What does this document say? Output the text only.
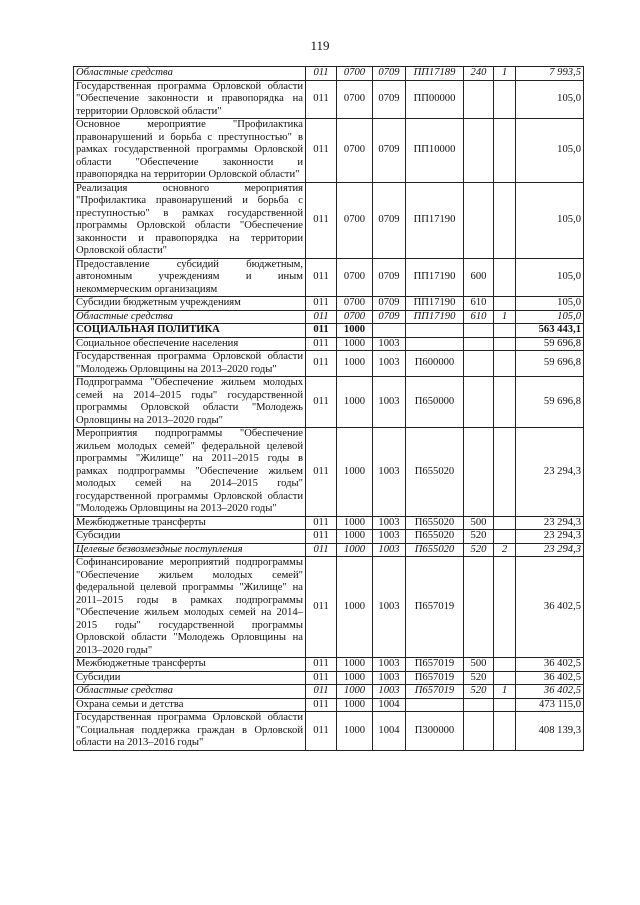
119
Областные средства	011	0700	0709	ПП17189	240	1	7 993,5
Государственная программа Орловской области "Обеспечение законности и правопорядка на территории Орловской области"	011	0700	0709	ПП00000			105,0
Основное мероприятие "Профилактика правонарушений и борьба с преступностью" в рамках государственной программы Орловской области "Обеспечение законности и правопорядка на территории Орловской области"	011	0700	0709	ПП10000			105,0
Реализация основного мероприятия "Профилактика правонарушений и борьба с преступностью" в рамках государственной программы Орловской области "Обеспечение законности и правопорядка на территории Орловской области"	011	0700	0709	ПП17190			105,0
Предоставление субсидий бюджетным, автономным учреждениям и иным некоммерческим организациям	011	0700	0709	ПП17190	600		105,0
Субсидии бюджетным учреждениям	011	0700	0709	ПП17190	610		105,0
Областные средства	011	0700	0709	ПП17190	610	1	105,0
СОЦИАЛЬНАЯ ПОЛИТИКА	011	1000					563 443,1
Социальное обеспечение населения	011	1000	1003				59 696,8
Государственная программа Орловской области "Молодежь Орловщины на 2013–2020 годы"	011	1000	1003	П600000			59 696,8
Подпрограмма "Обеспечение жильем молодых семей на 2014–2015 годы" государственной программы Орловской области "Молодежь Орловщины на 2013–2020 годы"	011	1000	1003	П650000			59 696,8
Мероприятия подпрограммы "Обеспечение жильем молодых семей" федеральной целевой программы "Жилище" на 2011–2015 годы в рамках подпрограммы "Обеспечение жильем молодых семей на 2014–2015 годы" государственной программы Орловской области "Молодежь Орловщины на 2013–2020 годы"	011	1000	1003	П655020			23 294,3
Межбюджетные трансферты	011	1000	1003	П655020	500		23 294,3
Субсидии	011	1000	1003	П655020	520		23 294,3
Целевые безвозмездные поступления	011	1000	1003	П655020	520	2	23 294,3
Софинансирование мероприятий подпрограммы "Обеспечение жильем молодых семей" федеральной целевой программы "Жилище" на 2011–2015 годы в рамках подпрограммы "Обеспечение жильем молодых семей на 2014–2015 годы" государственной программы Орловской области "Молодежь Орловщины на 2013–2020 годы"	011	1000	1003	П657019			36 402,5
Межбюджетные трансферты	011	1000	1003	П657019	500		36 402,5
Субсидии	011	1000	1003	П657019	520		36 402,5
Областные средства	011	1000	1003	П657019	520	1	36 402,5
Охрана семьи и детства	011	1000	1004				473 115,0
Государственная программа Орловской области "Социальная поддержка граждан в Орловской области на 2013–2016 годы"	011	1000	1004	П300000			408 139,3
